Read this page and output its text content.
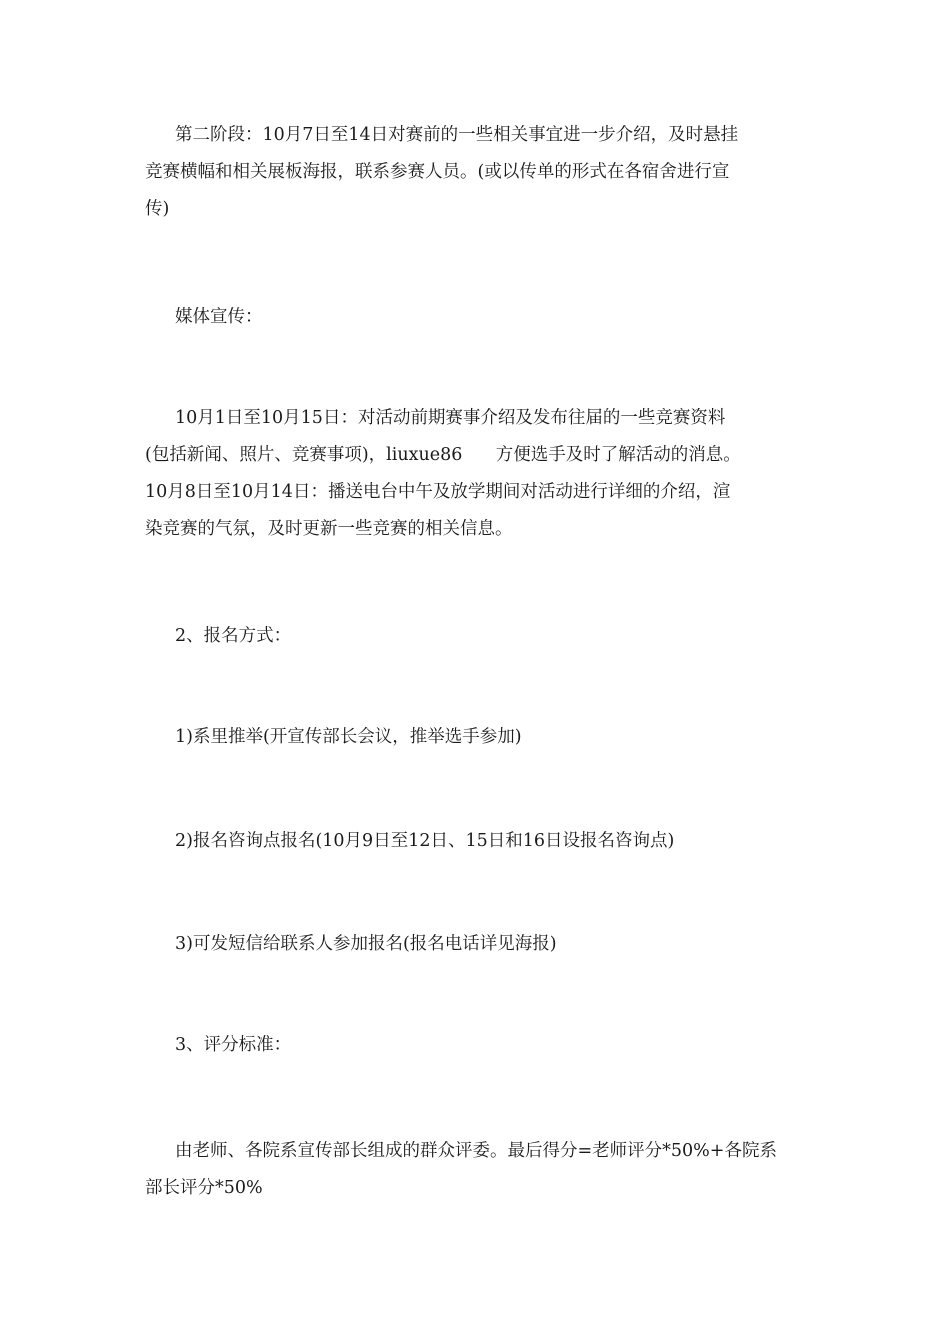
第二阶段：10月7日至14日对赛前的一些相关事宜进一步介绍，及时悬挂
竞赛横幅和相关展板海报，联系参赛人员。(或以传单的形式在各宿舍进行宣
传)
媒体宣传：
10月1日至10月15日：对活动前期赛事介绍及发布往届的一些竞赛资料
(包括新闻、照片、竞赛事项)，liuxue86      方便选手及时了解活动的消息。
10月8日至10月14日：播送电台中午及放学期间对活动进行详细的介绍，渲
染竞赛的气氛，及时更新一些竞赛的相关信息。
2、报名方式：
1)系里推举(开宣传部长会议，推举选手参加)
2)报名咨询点报名(10月9日至12日、15日和16日设报名咨询点)
3)可发短信给联系人参加报名(报名电话详见海报)
3、评分标准：
由老师、各院系宣传部长组成的群众评委。最后得分=老师评分*50%+各院系
部长评分*50%
